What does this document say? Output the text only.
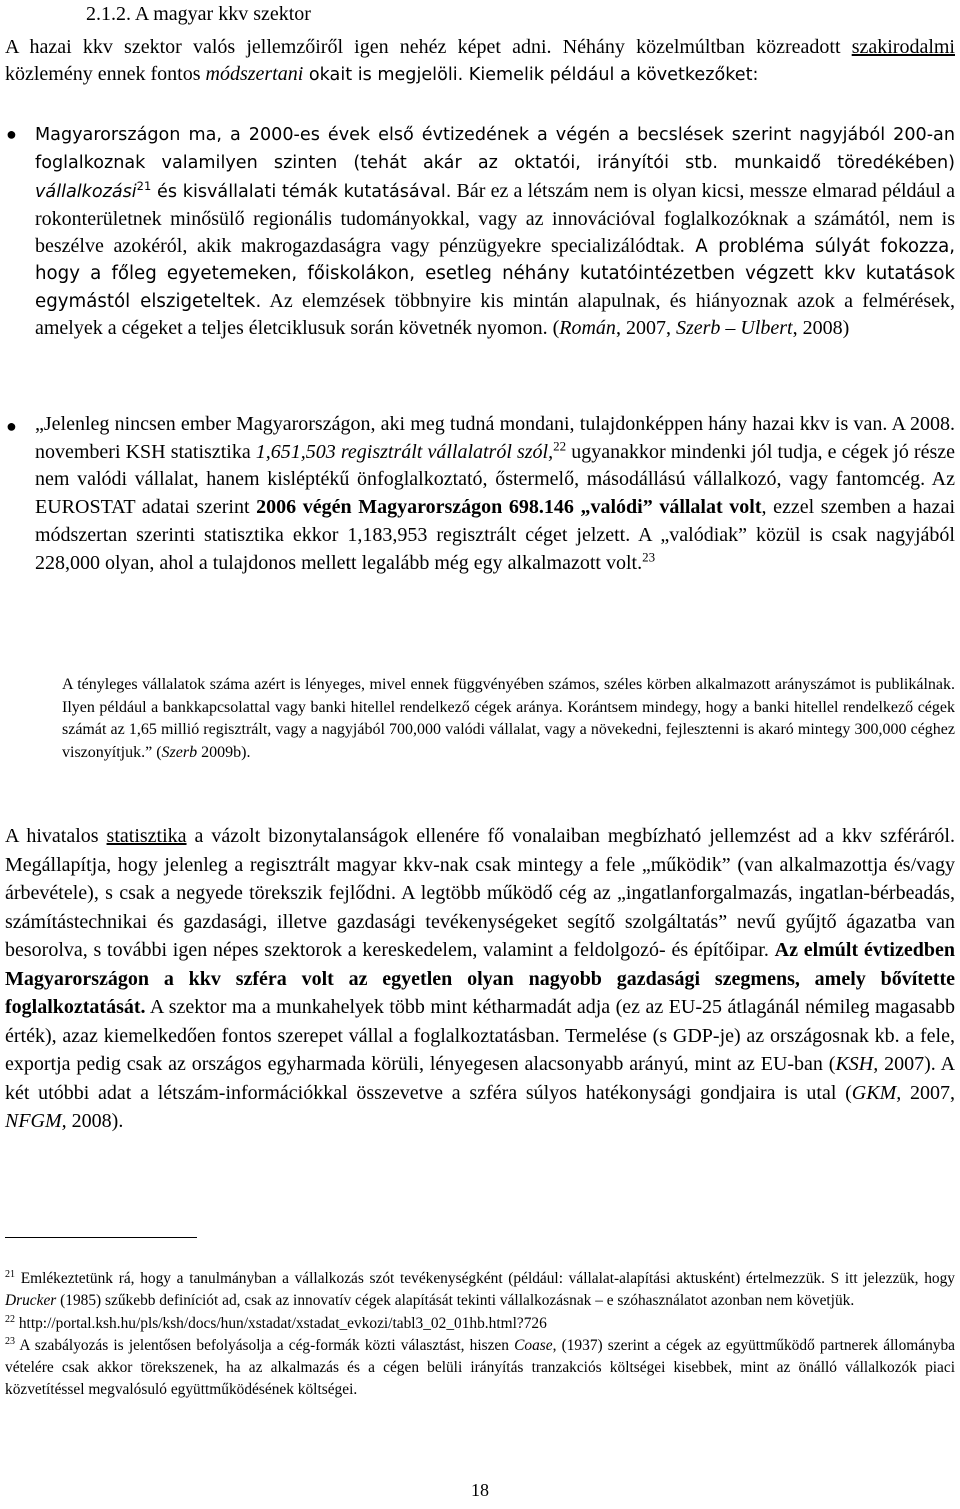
2.1.2. A magyar kkv szektor

A hazai kkv szektor valós jellemzőiről igen nehéz képet adni. Néhány közelmúltban közreadott szakirodalmi közlemény ennek fontos módszertani okait is megjelöli. Kiemelik például a következőket:

● Magyarországon ma, a 2000-es évek első évtizedének a végén a becslések szerint nagyjából 200-an foglalkoznak valamilyen szinten (tehát akár az oktatói, irányítói stb. munkaidő töredékében) vállalkozási$^{21}$ és kisvállalati témák kutatásával. Bár ez a létszám nem is olyan kicsi, messze elmarad például a rokonterületnek minősülő regionális tudományokkal, vagy az innovációval foglalkozóknak a számától, nem is beszélve azokéról, akik makrogazdaságra vagy pénzügyekre specializálódtak. A probléma súlyát fokozza, hogy a főleg egyetemeken, főiskolákon, esetleg néhány kutatóintézetben végzett kkv kutatások egymástól elszigeteltek. Az elemzések többnyire kis mintán alapulnak, és hiányoznak azok a felmérések, amelyek a cégeket a teljes életciklusuk során követnék nyomon. (Román, 2007, Szerb – Ulbert, 2008)

● „Jelenleg nincsen ember Magyarországon, aki meg tudná mondani, tulajdonképpen hány hazai kkv is van. A 2008. novemberi KSH statisztika 1,651,503 regisztrált vállalatról szól,$^{22}$ ugyanakkor mindenki jól tudja, e cégek jó része nem valódi vállalat, hanem kisléptékű önfoglalkoztató, őstermelő, másodállású vállalkozó, vagy fantomcég. Az EUROSTAT adatai szerint 2006 végén Magyarországon 698.146 „valódi” vállalat volt, ezzel szemben a hazai módszertan szerinti statisztika ekkor 1,183,953 regisztrált céget jelzett. A „valódiak” közül is csak nagyjából 228,000 olyan, ahol a tulajdonos mellett legalább még egy alkalmazott volt.$^{23}$

A tényleges vállalatok száma azért is lényeges, mivel ennek függvényében számos, széles körben alkalmazott arányszámot is publikálnak. Ilyen például a bankkapcsolattal vagy banki hitellel rendelkező cégek aránya. Korántsem mindegy, hogy a banki hitellel rendelkező cégek számát az 1,65 millió regisztrált, vagy a nagyjából 700,000 valódi vállalat, vagy a növekedni, fejlesztenni is akaró mintegy 300,000 céghez viszonyítjuk.” (Szerb 2009b).

A hivatalos statisztika a vázolt bizonytalanságok ellenére fő vonalaiban megbízható jellemzést ad a kkv szféráról. Megállapítja, hogy jelenleg a regisztrált magyar kkv-nak csak mintegy a fele „működik” (van alkalmazottja és/vagy árbevétele), s csak a negyede törekszik fejlődni. A legtöbb működő cég az „ingatlanforgalmazás, ingatlan-bérbeadás, számítástechnikai és gazdasági, illetve gazdasági tevékenységeket segítő szolgáltatás” nevű gyűjtő ágazatba van besorolva, s további igen népes szektorok a kereskedelem, valamint a feldolgozó- és építőipar. Az elmúlt évtizedben Magyarországon a kkv szféra volt az egyetlen olyan nagyobb gazdasági szegmens, amely bővítette foglalkoztatását. A szektor ma a munkahelyek több mint kétharmadát adja (ez az EU-25 átlagánál némileg magasabb érték), azaz kiemelkedően fontos szerepet vállal a foglalkoztatásban. Termelése (s GDP-je) az országosnak kb. a fele, exportja pedig csak az országos egyharmada körüli, lényegesen alacsonyabb arányú, mint az EU-ban (KSH, 2007). A két utóbbi adat a létszám-információkkal összevetve a szféra súlyos hatékonysági gondjaira is utal (GKM, 2007, NFGM, 2008).

$^{21}$ Emlékeztetünk rá, hogy a tanulmányban a vállalkozás szót tevékenységként (például: vállalat-alapítási aktusként) értelmezzük. S itt jelezzük, hogy Drucker (1985) szűkebb definíciót ad, csak az innovatív cégek alapítását tekinti vállalkozásnak – e szóhasználatot azonban nem követjük.

$^{22}$ http://portal.ksh.hu/pls/ksh/docs/hun/xstadat/xstadat_evkozi/tabl3_02_01hb.html?726

$^{23}$ A szabályozás is jelentősen befolyásolja a cég-formák közti választást, hiszen Coase, (1937) szerint a cégek az együttműködő partnerek állományba vételére csak akkor törekszenek, ha az alkalmazás és a cégen belüli irányítás tranzakciós költségei kisebbek, mint az önálló vállalkozók piaci közvetítéssel megvalósuló együttműködésének költségei.

18
